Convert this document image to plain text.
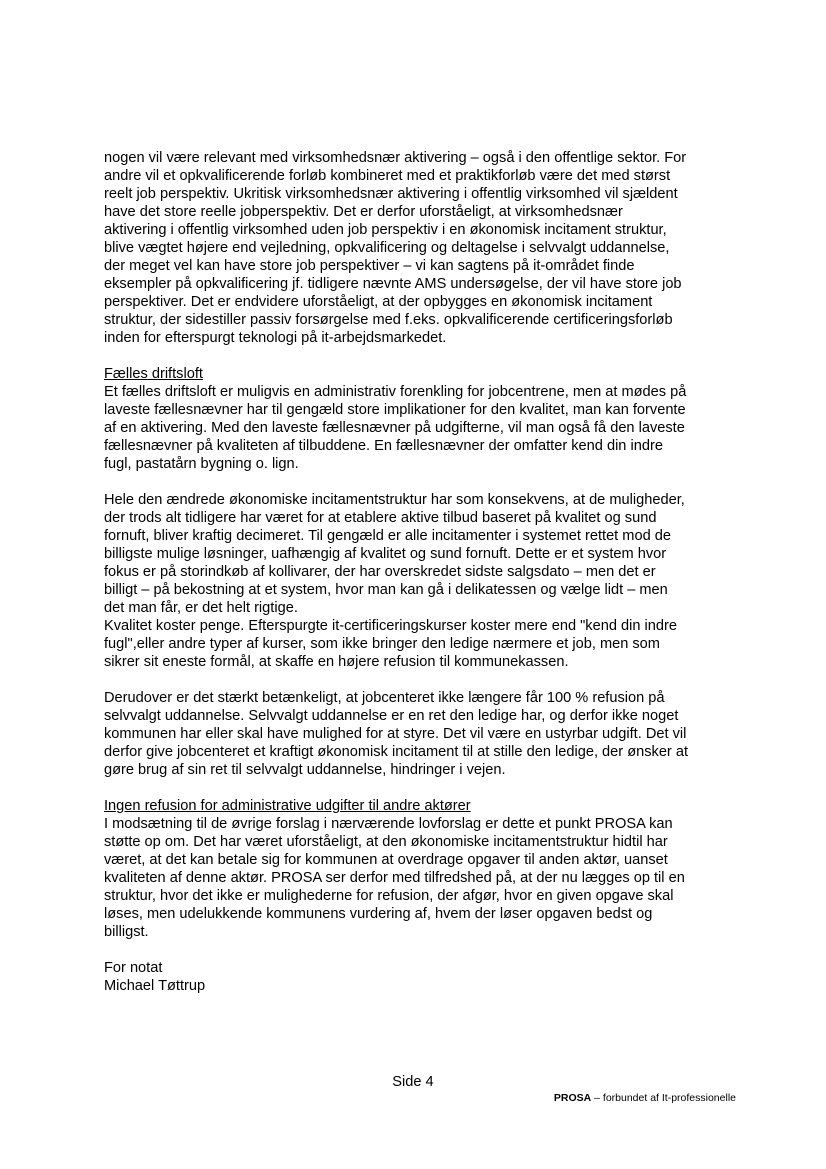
nogen vil være relevant med virksomhedsnær aktivering – også i den offentlige sektor. For
andre vil et opkvalificerende forløb kombineret med et praktikforløb være det med størst
reelt job perspektiv. Ukritisk virksomhedsnær aktivering i offentlig virksomhed vil sjældent
have det store reelle jobperspektiv. Det er derfor uforståeligt, at virksomhedsnær
aktivering i offentlig virksomhed uden job perspektiv i en økonomisk incitament struktur,
blive vægtet højere end vejledning, opkvalificering og deltagelse i selvvalgt uddannelse,
der meget vel kan have store job perspektiver – vi kan sagtens på it-området finde
eksempler på opkvalificering jf. tidligere nævnte AMS undersøgelse, der vil have store job
perspektiver. Det er endvidere uforståeligt, at der opbygges en økonomisk incitament
struktur, der sidestiller passiv forsørgelse med f.eks. opkvalificerende certificeringsforløb
inden for efterspurgt teknologi på it-arbejdsmarkedet.
Fælles driftsloft
Et fælles driftsloft er muligvis en administrativ forenkling for jobcentrene, men at mødes på
laveste fællesnævner har til gengæld store implikationer for den kvalitet, man kan forvente
af en aktivering. Med den laveste fællesnævner på udgifterne, vil man også få den laveste
fællesnævner på kvaliteten af tilbuddene. En fællesnævner der omfatter kend din indre
fugl, pastatårn bygning o. lign.
Hele den ændrede økonomiske incitamentstruktur har som konsekvens, at de muligheder,
der trods alt tidligere har været for at etablere aktive tilbud baseret på kvalitet og sund
fornuft, bliver kraftig decimeret. Til gengæld er alle incitamenter i systemet rettet mod de
billigste mulige løsninger, uafhængig af kvalitet og sund fornuft. Dette er et system hvor
fokus er på storindkøb af kollivarer, der har overskredet sidste salgsdato – men det er
billigt – på bekostning at et system, hvor man kan gå i delikatessen og vælge lidt – men
det man får, er det helt rigtige.
Kvalitet koster penge. Efterspurgte it-certificeringskurser koster mere end "kend din indre
fugl",eller andre typer af kurser, som ikke bringer den ledige nærmere et job, men som
sikrer sit eneste formål, at skaffe en højere refusion til kommunekassen.
Derudover er det stærkt betænkeligt, at jobcenteret ikke længere får 100 % refusion på
selvvalgt uddannelse. Selvvalgt uddannelse er en ret den ledige har, og derfor ikke noget
kommunen har eller skal have mulighed for at styre. Det vil være en ustyrbar udgift. Det vil
derfor give jobcenteret et kraftigt økonomisk incitament til at stille den ledige, der ønsker at
gøre brug af sin ret til selvvalgt uddannelse, hindringer i vejen.
Ingen refusion for administrative udgifter til andre aktører
I modsætning til de øvrige forslag i nærværende lovforslag er dette et punkt PROSA kan
støtte op om. Det har været uforståeligt, at den økonomiske incitamentstruktur hidtil har
været, at det kan betale sig for kommunen at overdrage opgaver til anden aktør, uanset
kvaliteten af denne aktør. PROSA ser derfor med tilfredshed på, at der nu lægges op til en
struktur, hvor det ikke er mulighederne for refusion, der afgør, hvor en given opgave skal
løses, men udelukkende kommunens vurdering af, hvem der løser opgaven bedst og
billigst.
For notat
Michael Tøttrup
Side 4
PROSA – forbundet af It-professionelle
